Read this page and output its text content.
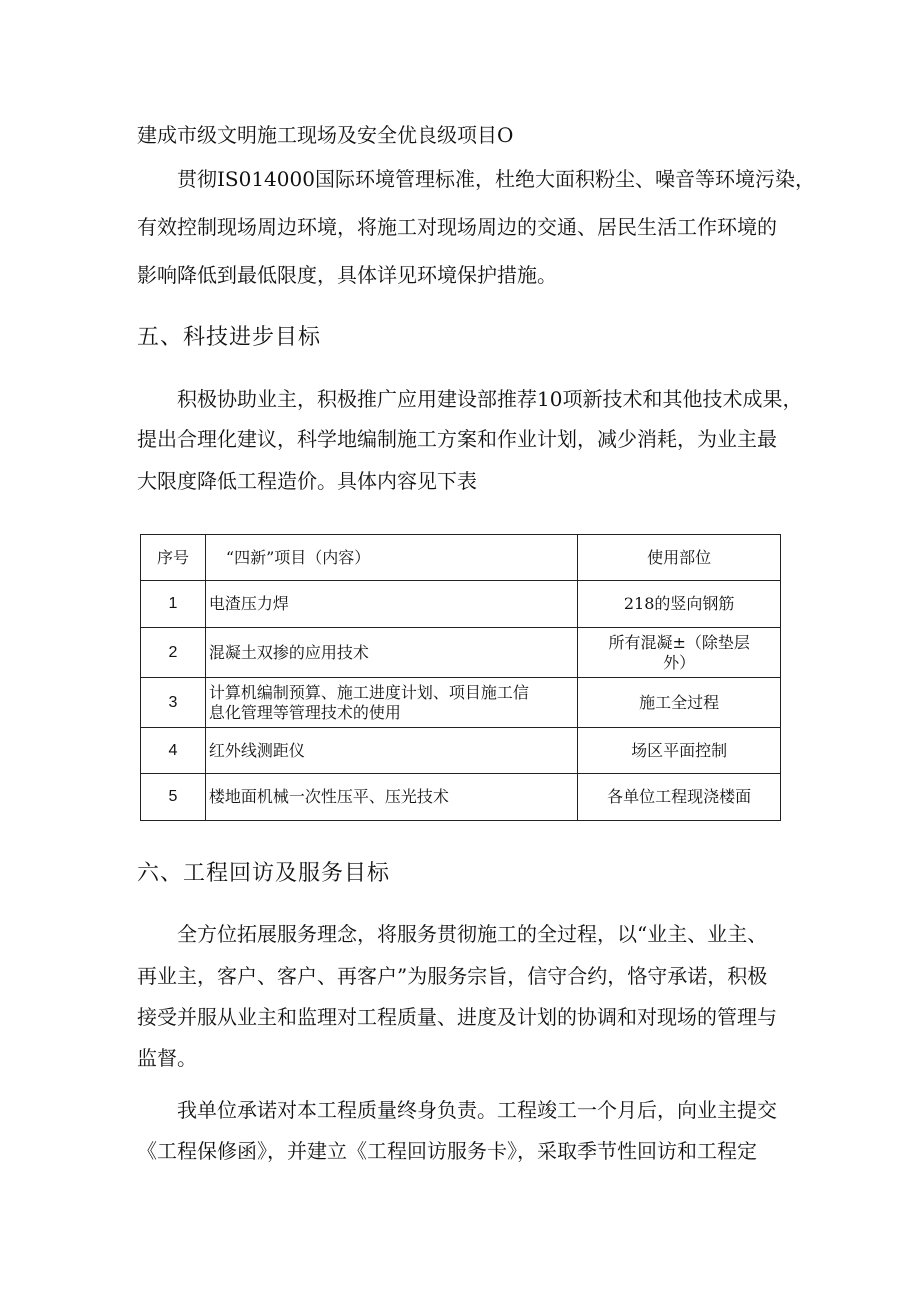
建成市级文明施工现场及安全优良级项目O
贯彻IS014000国际环境管理标准，杜绝大面积粉尘、噪音等环境污染，
有效控制现场周边环境，将施工对现场周边的交通、居民生活工作环境的
影响降低到最低限度，具体详见环境保护措施。
五、科技进步目标
积极协助业主，积极推广应用建设部推荐10项新技术和其他技术成果，
提出合理化建议，科学地编制施工方案和作业计划，减少消耗，为业主最
大限度降低工程造价。具体内容见下表
序号	“四新”项目（内容）	使用部位
1	电渣压力焊	218的竖向钢筋
2	混凝土双掺的应用技术	所有混凝±（除垫层
外）

3	计算机编制预算、施工进度计划、项目施工信
息化管理等管理技术的使用	施工全过程
4	红外线测距仪	场区平面控制
5	楼地面机械一次性压平、压光技术	各单位工程现浇楼面
六、工程回访及服务目标
全方位拓展服务理念，将服务贯彻施工的全过程，以“业主、业主、
再业主，客户、客户、再客户”为服务宗旨，信守合约，恪守承诺，积极
接受并服从业主和监理对工程质量、进度及计划的协调和对现场的管理与
监督。
我单位承诺对本工程质量终身负责。工程竣工一个月后，向业主提交
《工程保修函》，并建立《工程回访服务卡》，采取季节性回访和工程定
